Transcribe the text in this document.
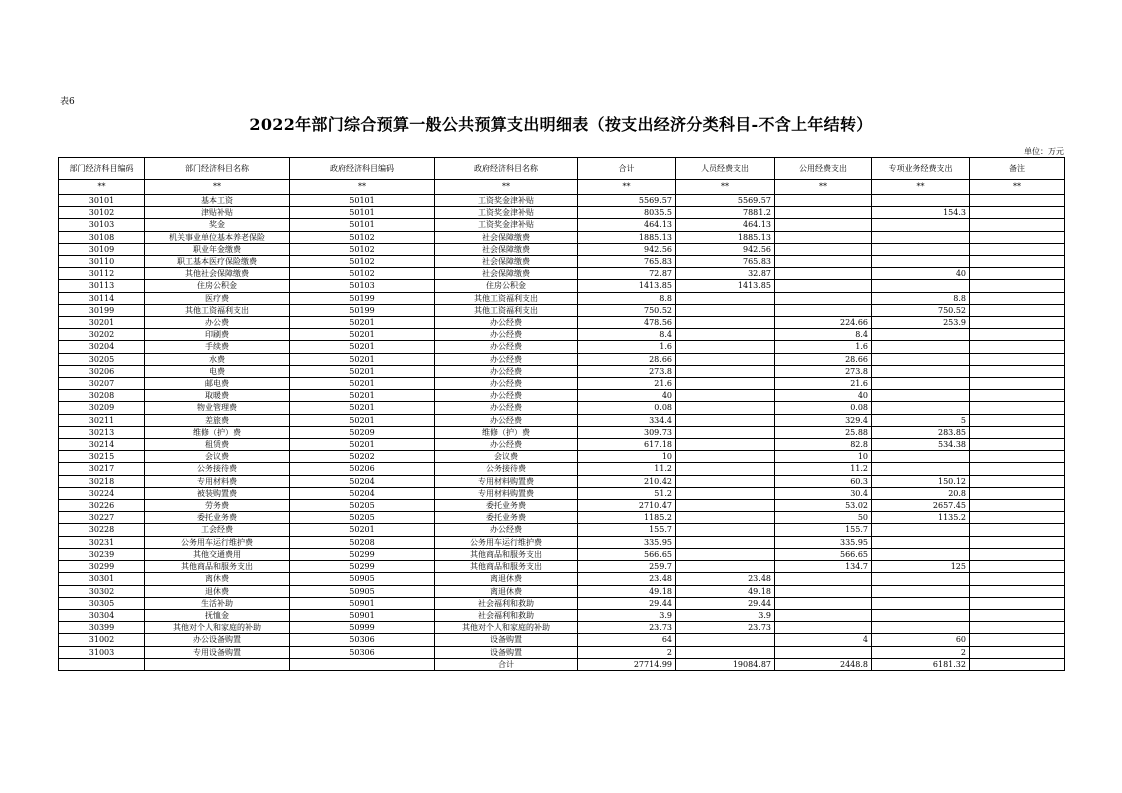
表6
2022年部门综合预算一般公共预算支出明细表（按支出经济分类科目-不含上年结转）
单位：万元
部门经济科目编码	部门经济科目名称	政府经济科目编码	政府经济科目名称	合计	人员经费支出	公用经费支出	专项业务经费支出	备注
**	**	**	**	**	**	**	**	**
30101	基本工资	50101	工资奖金津补贴	5569.57	5569.57			
30102	津贴补贴	50101	工资奖金津补贴	8035.5	7881.2		154.3	
30103	奖金	50101	工资奖金津补贴	464.13	464.13			
30108	机关事业单位基本养老保险	50102	社会保障缴费	1885.13	1885.13			
30109	职业年金缴费	50102	社会保障缴费	942.56	942.56			
30110	职工基本医疗保险缴费	50102	社会保障缴费	765.83	765.83			
30112	其他社会保障缴费	50102	社会保障缴费	72.87	32.87		40	
30113	住房公积金	50103	住房公积金	1413.85	1413.85			
30114	医疗费	50199	其他工资福利支出	8.8			8.8	
30199	其他工资福利支出	50199	其他工资福利支出	750.52			750.52	
30201	办公费	50201	办公经费	478.56		224.66	253.9	
30202	印刷费	50201	办公经费	8.4		8.4		
30204	手续费	50201	办公经费	1.6		1.6		
30205	水费	50201	办公经费	28.66		28.66		
30206	电费	50201	办公经费	273.8		273.8		
30207	邮电费	50201	办公经费	21.6		21.6		
30208	取暖费	50201	办公经费	40		40		
30209	物业管理费	50201	办公经费	0.08		0.08		
30211	差旅费	50201	办公经费	334.4		329.4	5	
30213	维修（护）费	50209	维修（护）费	309.73		25.88	283.85	
30214	租赁费	50201	办公经费	617.18		82.8	534.38	
30215	会议费	50202	会议费	10		10		
30217	公务接待费	50206	公务接待费	11.2		11.2		
30218	专用材料费	50204	专用材料购置费	210.42		60.3	150.12	
30224	被装购置费	50204	专用材料购置费	51.2		30.4	20.8	
30226	劳务费	50205	委托业务费	2710.47		53.02	2657.45	
30227	委托业务费	50205	委托业务费	1185.2		50	1135.2	
30228	工会经费	50201	办公经费	155.7		155.7		
30231	公务用车运行维护费	50208	公务用车运行维护费	335.95		335.95		
30239	其他交通费用	50299	其他商品和服务支出	566.65		566.65		
30299	其他商品和服务支出	50299	其他商品和服务支出	259.7		134.7	125	
30301	离休费	50905	离退休费	23.48	23.48			
30302	退休费	50905	离退休费	49.18	49.18			
30305	生活补助	50901	社会福利和救助	29.44	29.44			
30304	抚恤金	50901	社会福利和救助	3.9	3.9			
30399	其他对个人和家庭的补助	50999	其他对个人和家庭的补助	23.73	23.73			
31002	办公设备购置	50306	设备购置	64		4	60	
31003	专用设备购置	50306	设备购置	2			2	
			合计	27714.99	19084.87	2448.8	6181.32	
